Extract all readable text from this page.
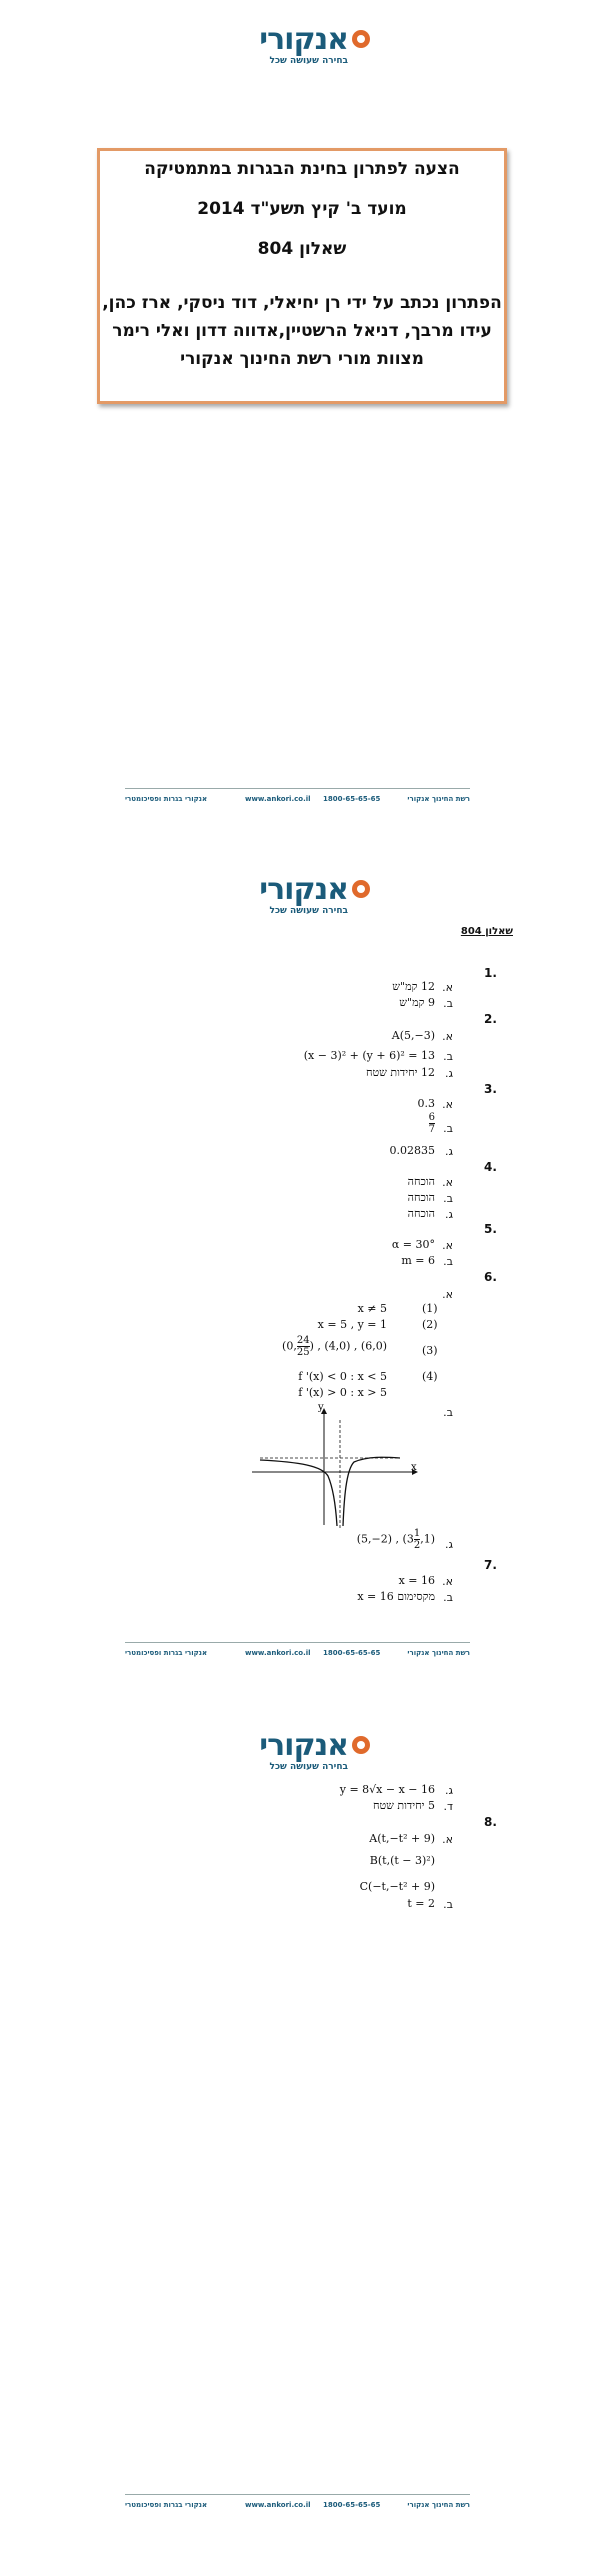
אנקורי
בחירה שעושה שכל
הצעה לפתרון בחינת הבגרות במתמטיקה
מועד ב' קיץ תשע"ד 2014
שאלון 804
הפתרון נכתב על ידי רן יחיאלי, דוד ניסקי, ארז כהן,
עידו מרבך, דניאל הרשטיין,אדווה דדון ואלי רימר
מצוות מורי רשת החינוך אנקורי
רשת החינוך אנקורי
1800-65-65-65
www.ankori.co.il
אנקורי בגרות ופסיכומטרי
אנקורי
בחירה שעושה שכל
שאלון 804
1.
א.
12 קמ"ש
ב.
9 קמ"ש
2.
א.
A(5,−3)
ב.
(x − 3)² + (y + 6)² = 13
ג.
12 יחידות שטח
3.
א.
0.3
ב.
$\frac{6}{7}$
ג.
0.02835
4.
א.
הוכחה
ב.
הוכחה
ג.
הוכחה
5.
א.
α = 30°
ב.
m = 6
6.
א.
(1)
x ≠ 5
(2)
x = 5 , y = 1
(3)
(0, $\frac{24}{25}$ ) , (4,0) , (6,0)
(4)
f '(x) < 0 : x < 5
f '(x) > 0 : x > 5
ב.
x
y
ג.
(5,−2) , $(3 \frac{1}{2} ,1)$
7.
א.
x = 16
ב.
x = 16 מקסימום
רשת החינוך אנקורי
1800-65-65-65
www.ankori.co.il
אנקורי בגרות ופסיכומטרי
אנקורי
בחירה שעושה שכל
ג.
y = 8√x − x − 16
ד.
5 יחידות שטח
8.
א.
A(t,−t² + 9)
B(t,(t − 3)²)
C(−t,−t² + 9)
ב.
t = 2
רשת החינוך אנקורי
1800-65-65-65
www.ankori.co.il
אנקורי בגרות ופסיכומטרי
